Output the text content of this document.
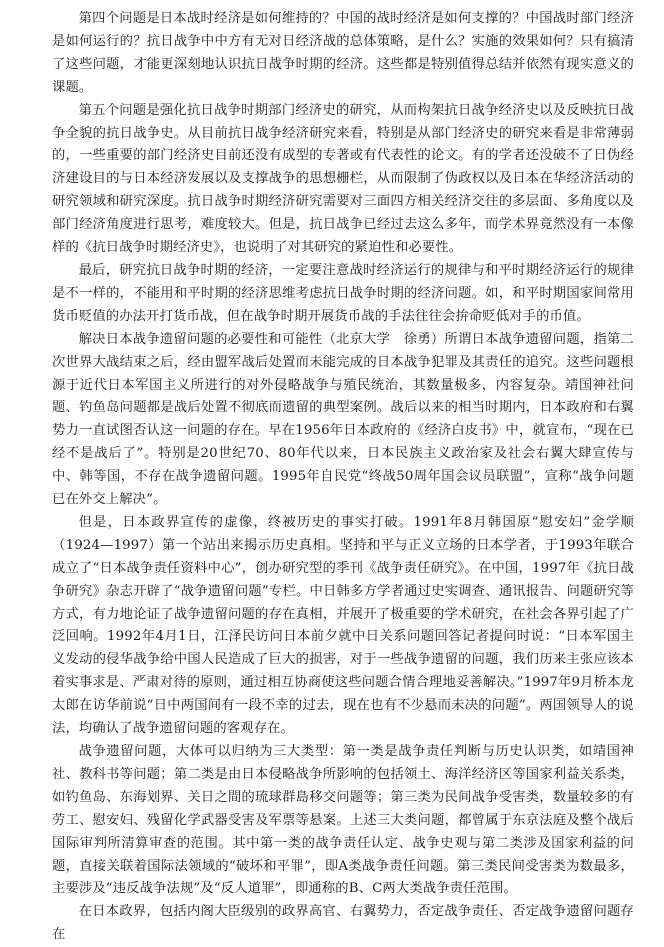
第四个问题是日本战时经济是如何维持的？中国的战时经济是如何支撑的？中国战时部门经济是如何运行的？抗日战争中中方有无对日经济战的总体策略，是什么？实施的效果如何？只有搞清了这些问题，才能更深刻地认识抗日战争时期的经济。这些都是特别值得总结并依然有现实意义的课题。

第五个问题是强化抗日战争时期部门经济史的研究，从而构架抗日战争经济史以及反映抗日战争全貌的抗日战争史。从目前抗日战争经济研究来看，特别是从部门经济史的研究来看是非常薄弱的，一些重要的部门经济史目前还没有成型的专著或有代表性的论文。有的学者还没破不了日伪经济建设目的与日本经济发展以及支撑战争的思想栅栏，从而限制了伪政权以及日本在华经济活动的研究领域和研究深度。抗日战争时期经济研究需要对三面四方相关经济交往的多层面、多角度以及部门经济角度进行思考，难度较大。但是，抗日战争已经过去这么多年，而学术界竟然没有一本像样的《抗日战争时期经济史》，也说明了对其研究的紧迫性和必要性。

最后，研究抗日战争时期的经济，一定要注意战时经济运行的规律与和平时期经济运行的规律是不一样的，不能用和平时期的经济思维考虑抗日战争时期的经济问题。如，和平时期国家间常用货币贬值的办法开打货币战，但在战争时期开展货币战的手法往往会拚命贬低对手的币值。

解决日本战争遗留问题的必要性和可能性（北京大学　徐勇）所谓日本战争遗留问题，指第二次世界大战结束之后，经由盟军战后处置而未能完成的日本战争犯罪及其责任的追究。这些问题根源于近代日本军国主义所进行的对外侵略战争与殖民统治，其数量极多，内容复杂。靖国神社问题、钓鱼岛问题都是战后处置不彻底而遗留的典型案例。战后以来的相当时期内，日本政府和右翼势力一直试图否认这一问题的存在。早在1956年日本政府的《经济白皮书》中，就宣布，“现在已经不是战后了”。特别是20世纪70、80年代以来，日本民族主义政治家及社会右翼大肆宣传与中、韩等国，不存在战争遗留问题。1995年自民党“终战50周年国会议员联盟”，宣称“战争问题已在外交上解决”。

但是，日本政界宣传的虚像，终被历史的事实打破。1991年8月韩国原“慰安妇”金学顺（1924—1997）第一个站出来揭示历史真相。坚持和平与正义立场的日本学者，于1993年联合成立了“日本战争责任资料中心”，创办研究型的季刊《战争责任研究》。在中国，1997年《抗日战争研究》杂志开辟了“战争遗留问题”专栏。中日韩多方学者通过史实调查、通讯报告、问题研究等方式，有力地论证了战争遗留问题的存在真相，并展开了极重要的学术研究，在社会各界引起了广泛回响。1992年4月1日，江泽民访问日本前夕就中日关系问题回答记者提问时说：“日本军国主义发动的侵华战争给中国人民造成了巨大的损害，对于一些战争遗留的问题，我们历来主张应该本着实事求是、严肃对待的原则，通过相互协商使这些问题合情合理地妥善解决。”1997年9月桥本龙太郎在访华前说“日中两国间有一段不幸的过去，现在也有不少悬而未决的问题”。两国领导人的说法，均确认了战争遗留问题的客观存在。

战争遗留问题，大体可以归纳为三大类型：第一类是战争责任判断与历史认识类，如靖国神社、教科书等问题；第二类是由日本侵略战争所影响的包括领土、海洋经济区等国家利益关系类，如钓鱼岛、东海划界、关日之間的琉球群島移交问题等；第三类为民间战争受害类，数量较多的有劳工、慰安妇、残留化学武器受害及军票等悬案。上述三大类问题，都曾属于东京法庭及整个战后国际审判所清算审查的范围。其中第一类的战争责任认定、战争史观与第二类涉及国家利益的问题，直接关联着国际法领域的“破坏和平罪”，即A类战争责任问题。第三类民间受害类为数最多，主要涉及“违反战争法规”及“反人道罪”，即通称的B、C两大类战争责任范围。

在日本政界，包括内阁大臣级别的政界高官、右翼势力，否定战争责任、否定战争遗留问题存在
